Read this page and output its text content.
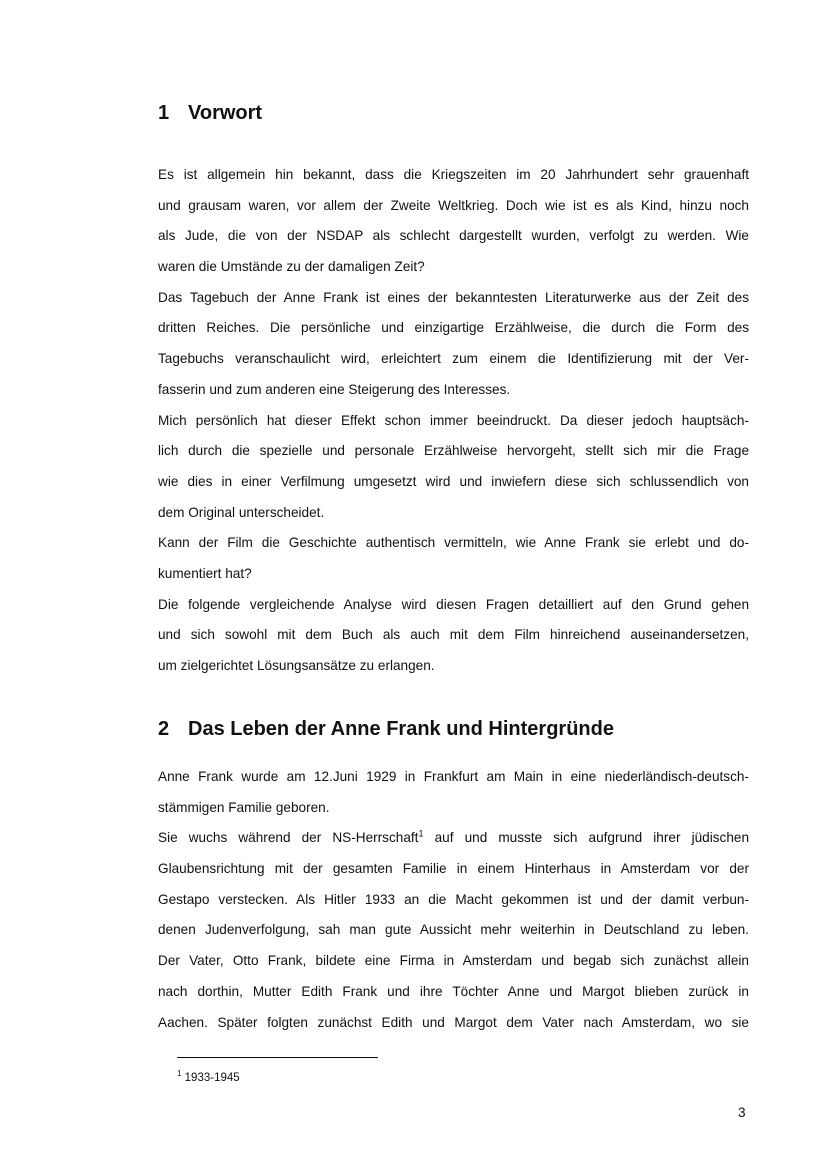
1 Vorwort
Es ist allgemein hin bekannt, dass die Kriegszeiten im 20 Jahrhundert sehr grauenhaft
und grausam waren, vor allem der Zweite Weltkrieg. Doch wie ist es als Kind, hinzu noch
als Jude, die von der NSDAP als schlecht dargestellt wurden, verfolgt zu werden. Wie
waren die Umstände zu der damaligen Zeit?
Das Tagebuch der Anne Frank ist eines der bekanntesten Literaturwerke aus der Zeit des
dritten Reiches. Die persönliche und einzigartige Erzählweise, die durch die Form des
Tagebuchs veranschaulicht wird, erleichtert zum einem die Identifizierung mit der Ver-
fasserin und zum anderen eine Steigerung des Interesses.
Mich persönlich hat dieser Effekt schon immer beeindruckt. Da dieser jedoch hauptsäch-
lich durch die spezielle und personale Erzählweise hervorgeht, stellt sich mir die Frage
wie dies in einer Verfilmung umgesetzt wird und inwiefern diese sich schlussendlich von
dem Original unterscheidet.
Kann der Film die Geschichte authentisch vermitteln, wie Anne Frank sie erlebt und do-
kumentiert hat?
Die folgende vergleichende Analyse wird diesen Fragen detailliert auf den Grund gehen
und sich sowohl mit dem Buch als auch mit dem Film hinreichend auseinandersetzen,
um zielgerichtet Lösungsansätze zu erlangen.
2 Das Leben der Anne Frank und Hintergründe
Anne Frank wurde am 12.Juni 1929 in Frankfurt am Main in eine niederländisch-deutsch-
stämmigen Familie geboren.
Sie wuchs während der NS-Herrschaft$^1$ auf und musste sich aufgrund ihrer jüdischen
Glaubensrichtung mit der gesamten Familie in einem Hinterhaus in Amsterdam vor der
Gestapo verstecken. Als Hitler 1933 an die Macht gekommen ist und der damit verbun-
denen Judenverfolgung, sah man gute Aussicht mehr weiterhin in Deutschland zu leben.
Der Vater, Otto Frank, bildete eine Firma in Amsterdam und begab sich zunächst allein
nach dorthin, Mutter Edith Frank und ihre Töchter Anne und Margot blieben zurück in
Aachen. Später folgten zunächst Edith und Margot dem Vater nach Amsterdam, wo sie
$^1$ 1933-1945
3
